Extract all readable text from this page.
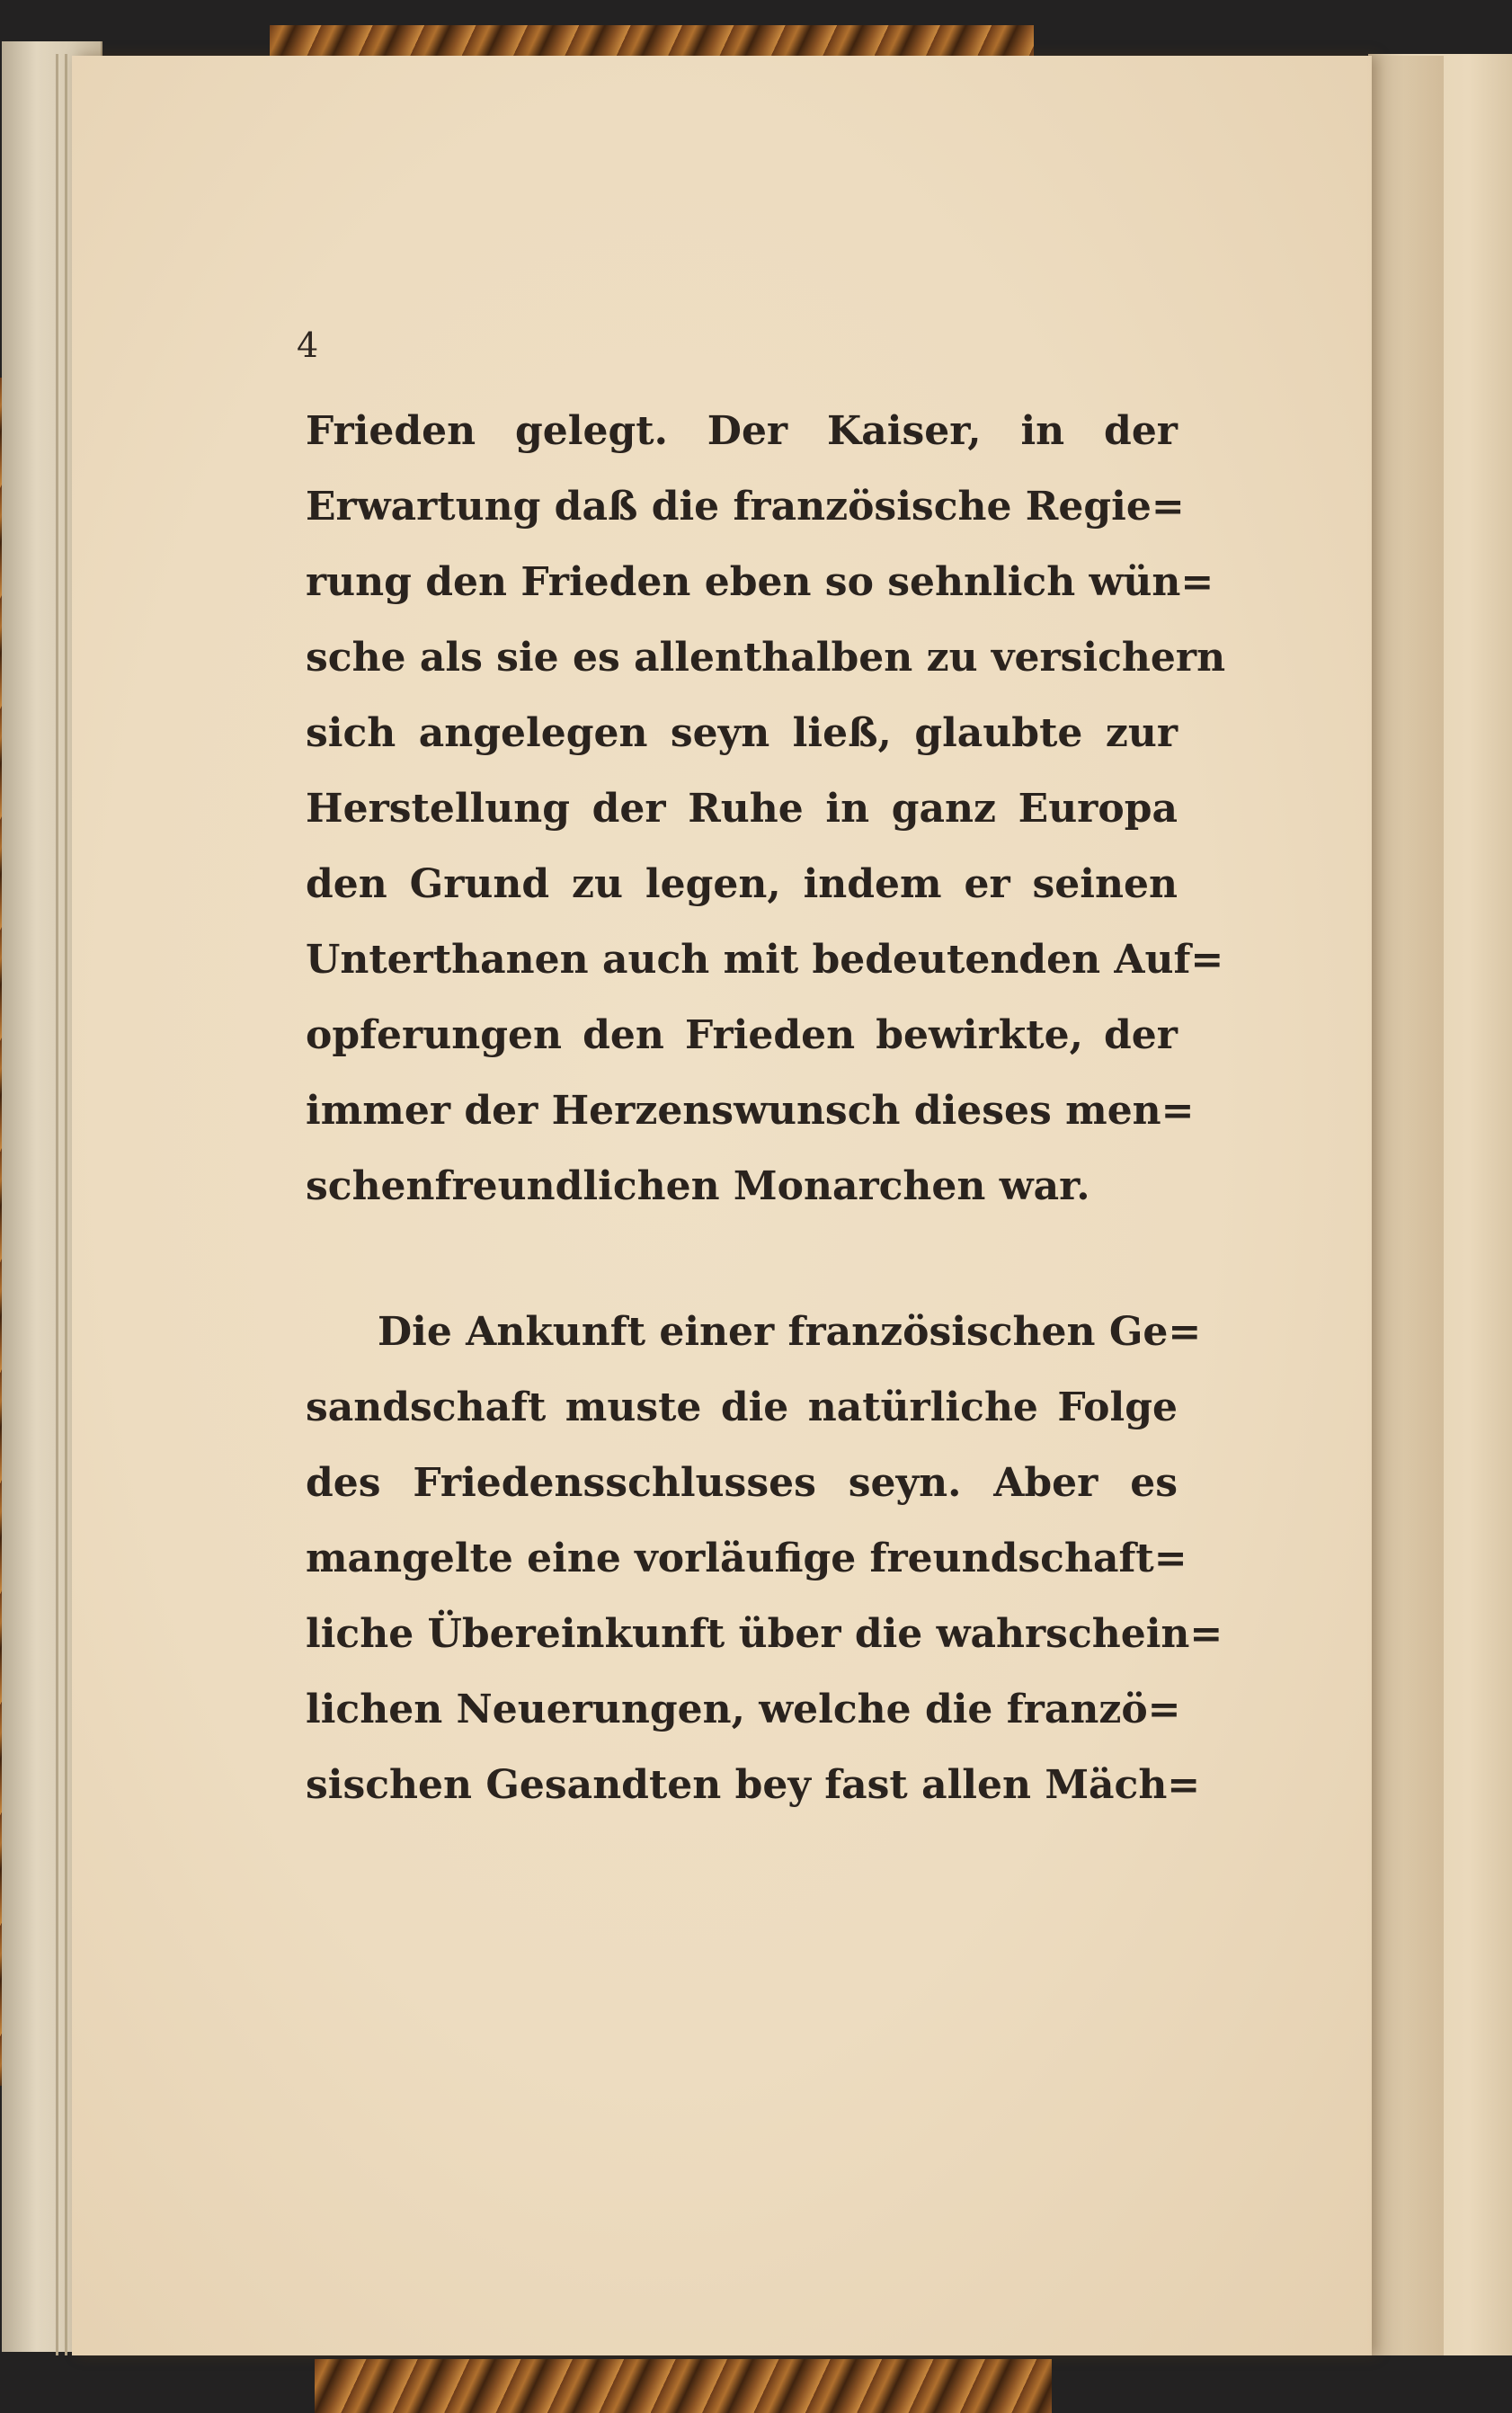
4
Frieden gelegt. Der Kaiser, in der
Erwartung daß die französische Regie=
rung den Frieden eben so sehnlich wün=
sche als sie es allenthalben zu versichern
sich angelegen seyn ließ, glaubte zur
Herstellung der Ruhe in ganz Europa
den Grund zu legen, indem er seinen
Unterthanen auch mit bedeutenden Auf=
opferungen den Frieden bewirkte, der
immer der Herzenswunsch dieses men=
schenfreundlichen Monarchen war.
Die Ankunft einer französischen Ge=
sandschaft muste die natürliche Folge
des Friedensschlusses seyn. Aber es
mangelte eine vorläufige freundschaft=
liche Übereinkunft über die wahrschein=
lichen Neuerungen, welche die franzö=
sischen Gesandten bey fast allen Mäch=
